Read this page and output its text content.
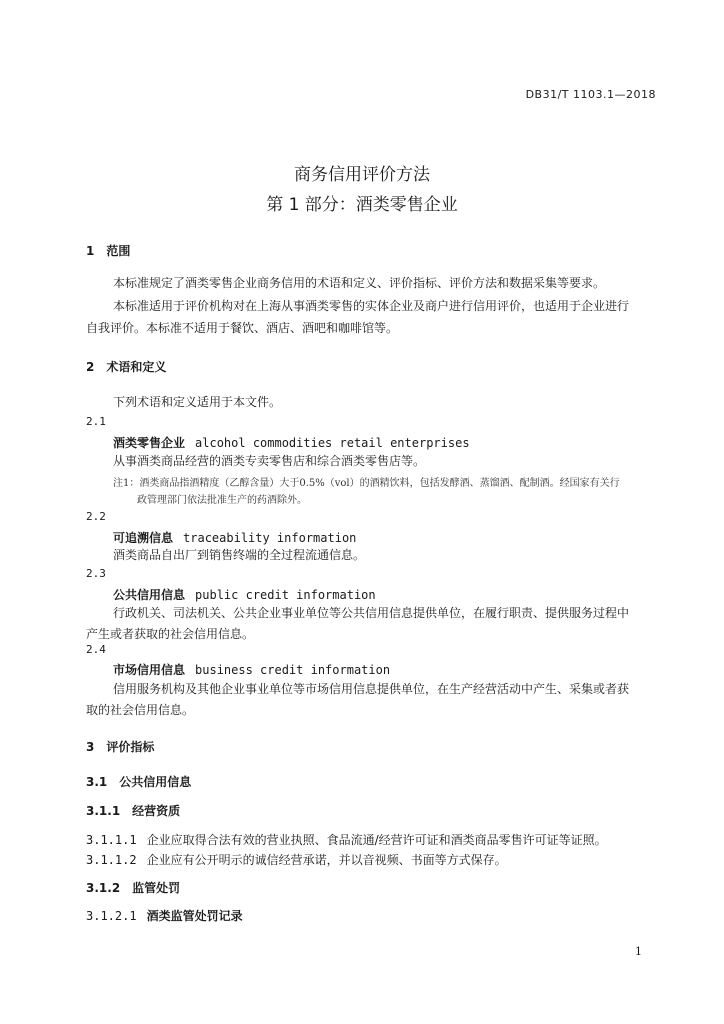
DB31/T 1103.1—2018
商务信用评价方法
第 1 部分：酒类零售企业
1　范围
本标准规定了酒类零售企业商务信用的术语和定义、评价指标、评价方法和数据采集等要求。
本标准适用于评价机构对在上海从事酒类零售的实体企业及商户进行信用评价，也适用于企业进行
自我评价。本标准不适用于餐饮、酒店、酒吧和咖啡馆等。
2　术语和定义
下列术语和定义适用于本文件。
2.1
酒类零售企业 alcohol commodities retail enterprises
从事酒类商品经营的酒类专卖零售店和综合酒类零售店等。
注1：酒类商品指酒精度（乙醇含量）大于0.5%（vol）的酒精饮料，包括发酵酒、蒸馏酒、配制酒。经国家有关行
政管理部门依法批准生产的药酒除外。
2.2
可追溯信息 traceability information
酒类商品自出厂到销售终端的全过程流通信息。
2.3
公共信用信息 public credit information
行政机关、司法机关、公共企业事业单位等公共信用信息提供单位，在履行职责、提供服务过程中
产生或者获取的社会信用信息。
2.4
市场信用信息 business credit information
信用服务机构及其他企业事业单位等市场信用信息提供单位，在生产经营活动中产生、采集或者获
取的社会信用信息。
3　评价指标
3.1　公共信用信息
3.1.1　经营资质
3.1.1.1 企业应取得合法有效的营业执照、食品流通/经营许可证和酒类商品零售许可证等证照。
3.1.1.2 企业应有公开明示的诚信经营承诺，并以音视频、书面等方式保存。
3.1.2　监管处罚
3.1.2.1 酒类监管处罚记录
1
